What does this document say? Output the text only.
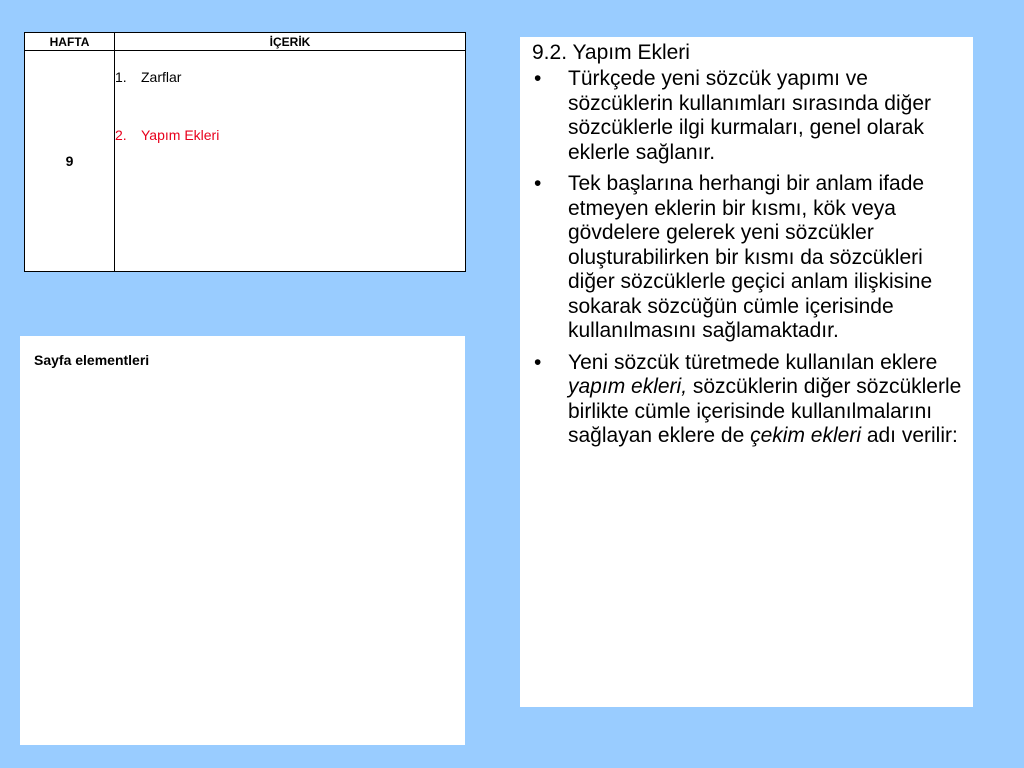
HAFTA	İÇERİK
9	1. Zarflar
2. Yapım Ekleri
Sayfa elementleri
9.2. Yapım Ekleri
• Türkçede yeni sözcük yapımı ve sözcüklerin kullanımları sırasında diğer sözcüklerle ilgi kurmaları, genel olarak eklerle sağlanır.
• Tek başlarına herhangi bir anlam ifade etmeyen eklerin bir kısmı, kök veya gövdelere gelerek yeni sözcükler oluşturabilirken bir kısmı da sözcükleri diğer sözcüklerle geçici anlam ilişkisine sokarak sözcüğün cümle içerisinde kullanılmasını sağlamaktadır.
• Yeni sözcük türetmede kullanılan eklere yapım ekleri, sözcüklerin diğer sözcüklerle birlikte cümle içerisinde kullanılmalarını sağlayan eklere de çekim ekleri adı verilir:
